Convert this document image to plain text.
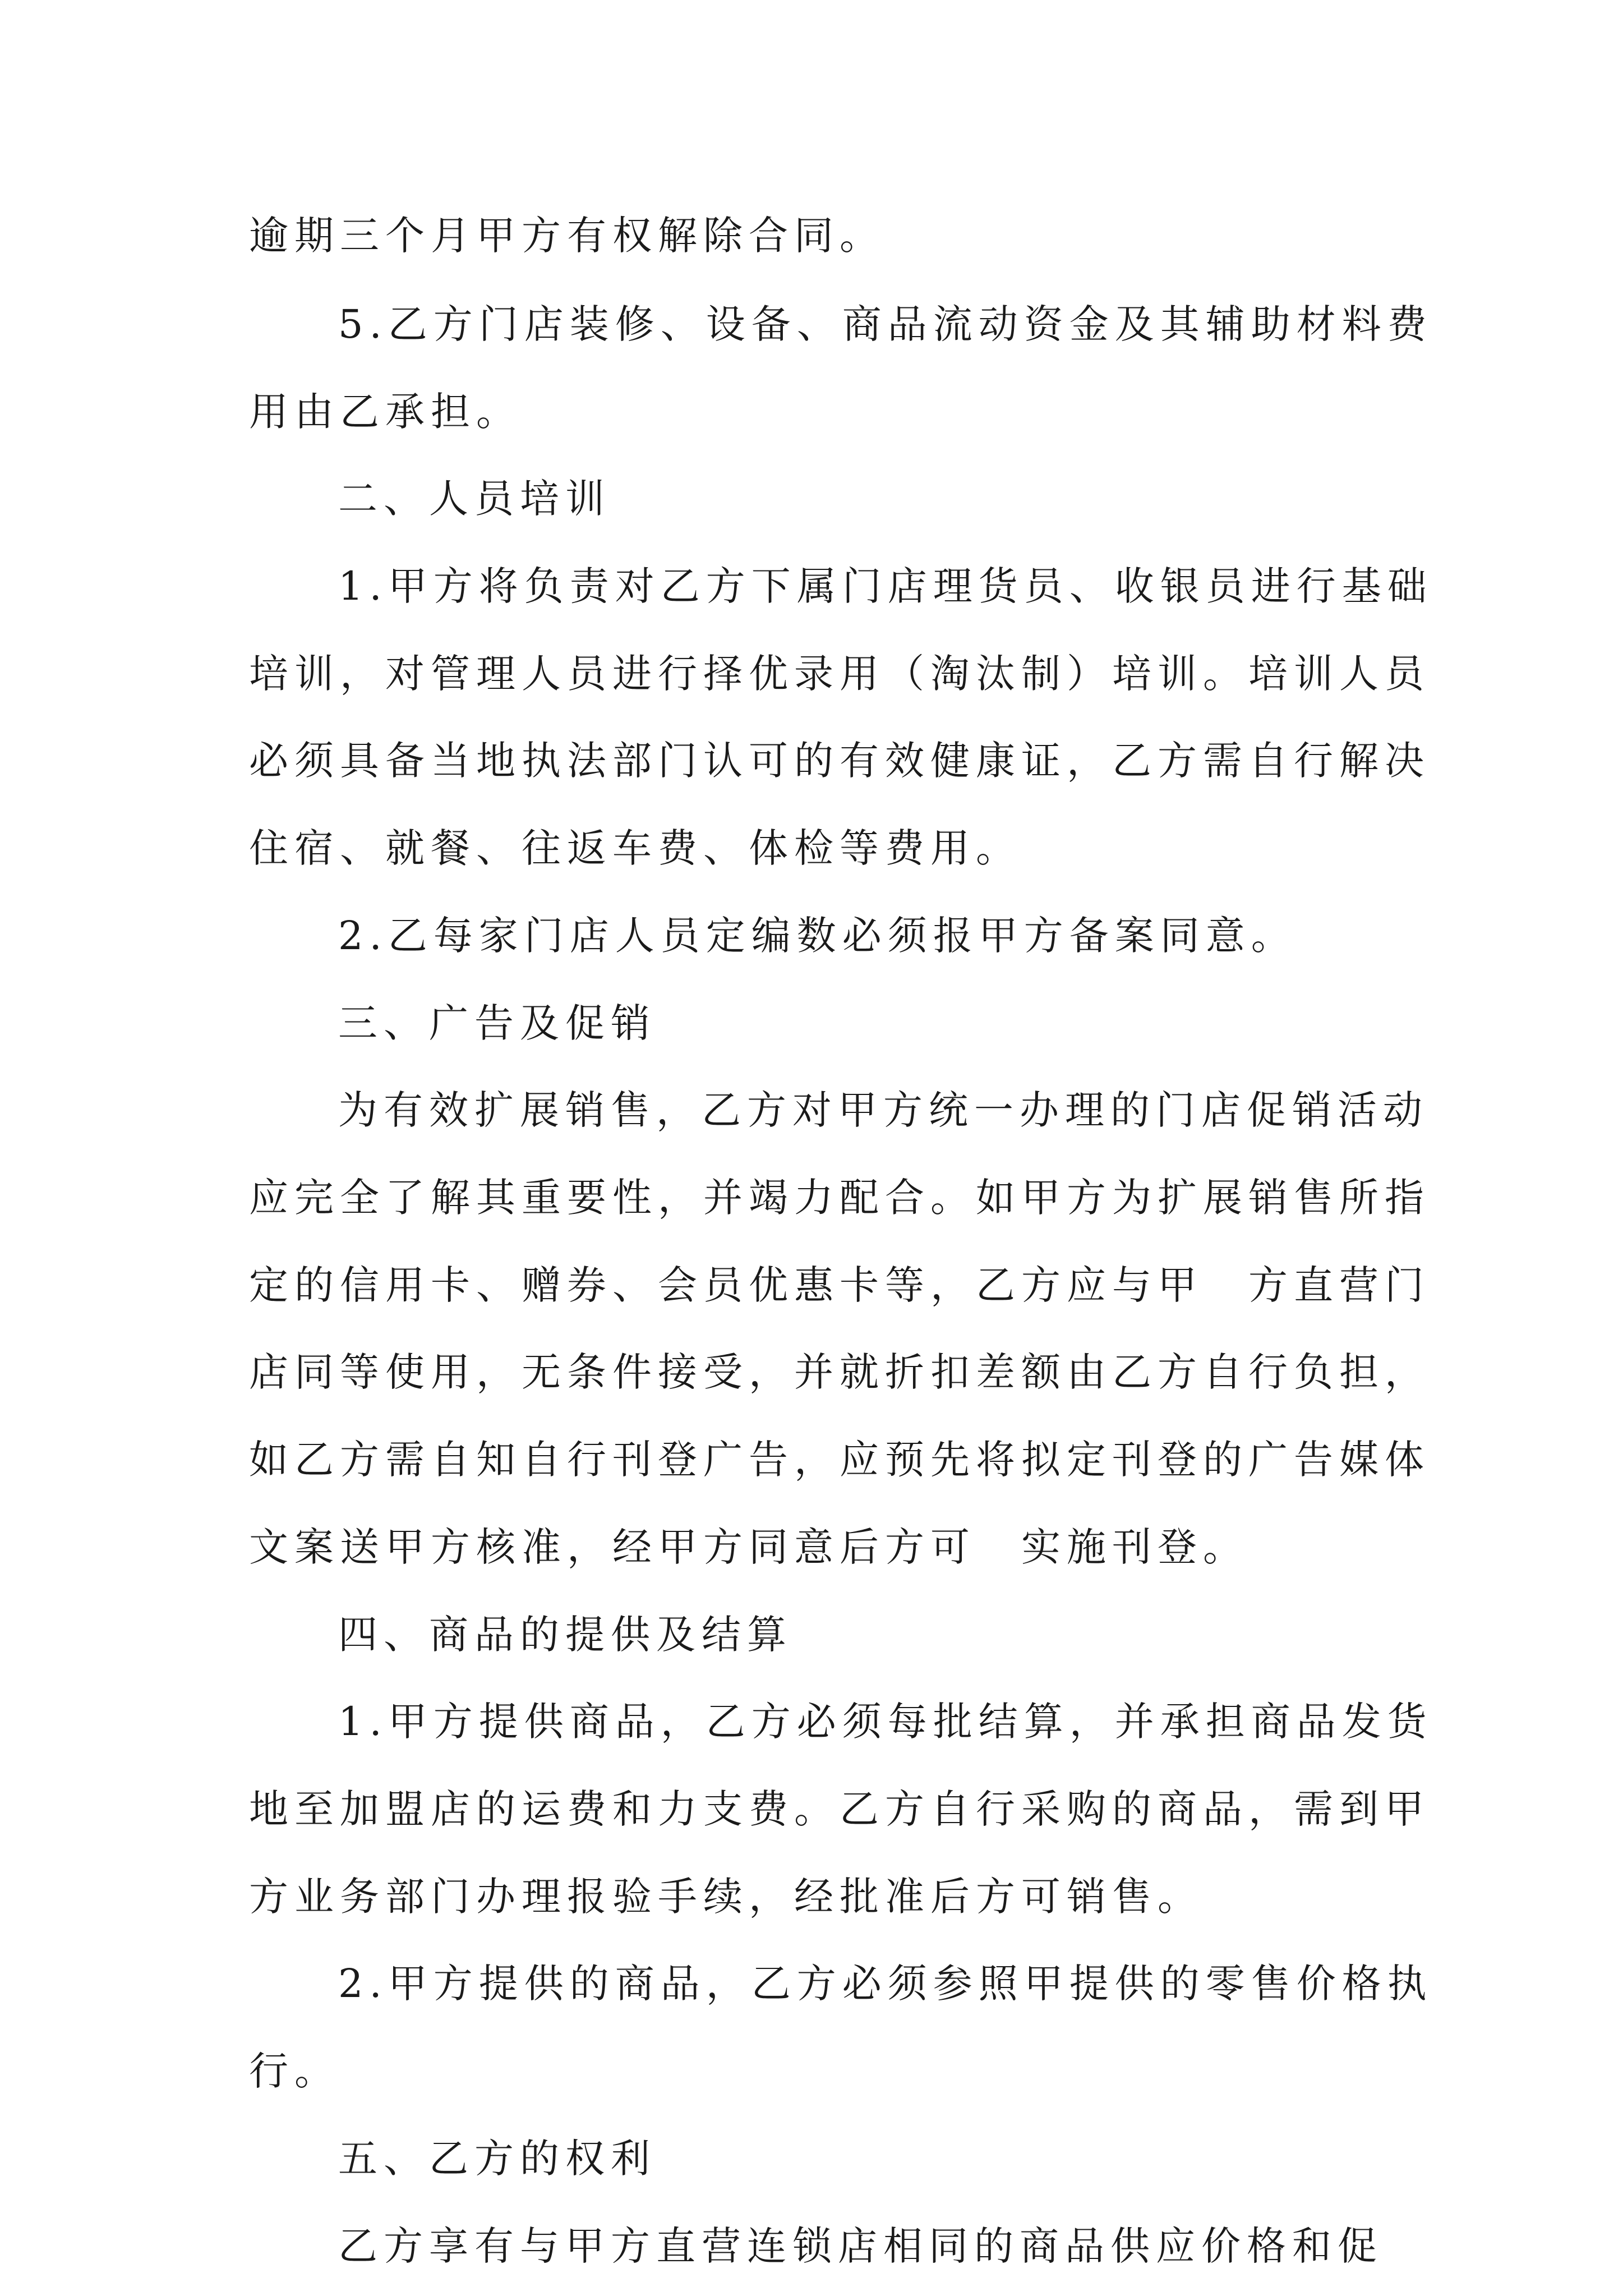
逾期三个月甲方有权解除合同。
5.乙方门店装修、设备、商品流动资金及其辅助材料费
用由乙承担。
二、人员培训
1.甲方将负责对乙方下属门店理货员、收银员进行基础
培训，对管理人员进行择优录用（淘汰制）培训。培训人员
必须具备当地执法部门认可的有效健康证，乙方需自行解决
住宿、就餐、往返车费、体检等费用。
2.乙每家门店人员定编数必须报甲方备案同意。
三、广告及促销
为有效扩展销售，乙方对甲方统一办理的门店促销活动
应完全了解其重要性，并竭力配合。如甲方为扩展销售所指
定的信用卡、赠券、会员优惠卡等，乙方应与甲　方直营门
店同等使用，无条件接受，并就折扣差额由乙方自行负担，
如乙方需自知自行刊登广告，应预先将拟定刊登的广告媒体
文案送甲方核准，经甲方同意后方可　实施刊登。
四、商品的提供及结算
1.甲方提供商品，乙方必须每批结算，并承担商品发货
地至加盟店的运费和力支费。乙方自行采购的商品，需到甲
方业务部门办理报验手续，经批准后方可销售。
2.甲方提供的商品，乙方必须参照甲提供的零售价格执
行。
五、乙方的权利
乙方享有与甲方直营连锁店相同的商品供应价格和促
